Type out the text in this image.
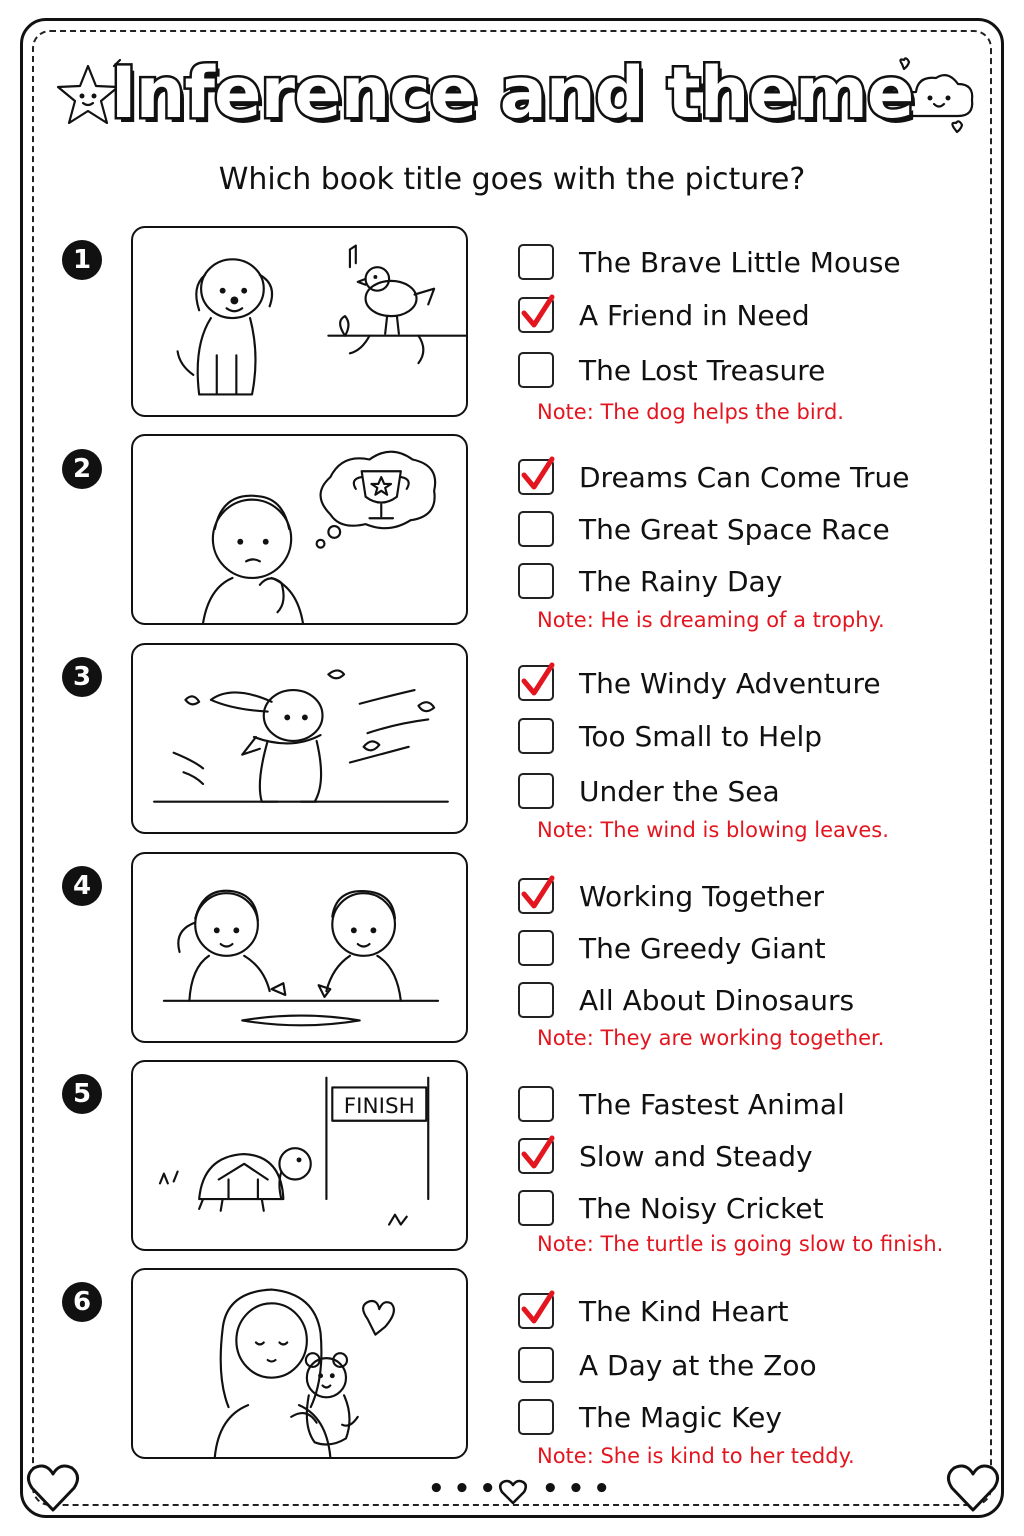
Inference and theme
Which book title goes with the picture?
1	The Brave Little Mouse
A Friend in Need
The Lost Treasure
Note: The dog helps the bird.
2	Dreams Can Come True
The Great Space Race
The Rainy Day
Note: He is dreaming of a trophy.
3	The Windy Adventure
Too Small to Help
Under the Sea
Note: The wind is blowing leaves.
4	Working Together
The Greedy Giant
All About Dinosaurs
Note: They are working together.
5	FINISH	The Fastest Animal
Slow and Steady
The Noisy Cricket
Note: The turtle is going slow to finish.
6	The Kind Heart
A Day at the Zoo
The Magic Key
Note: She is kind to her teddy.
• • • • • •
